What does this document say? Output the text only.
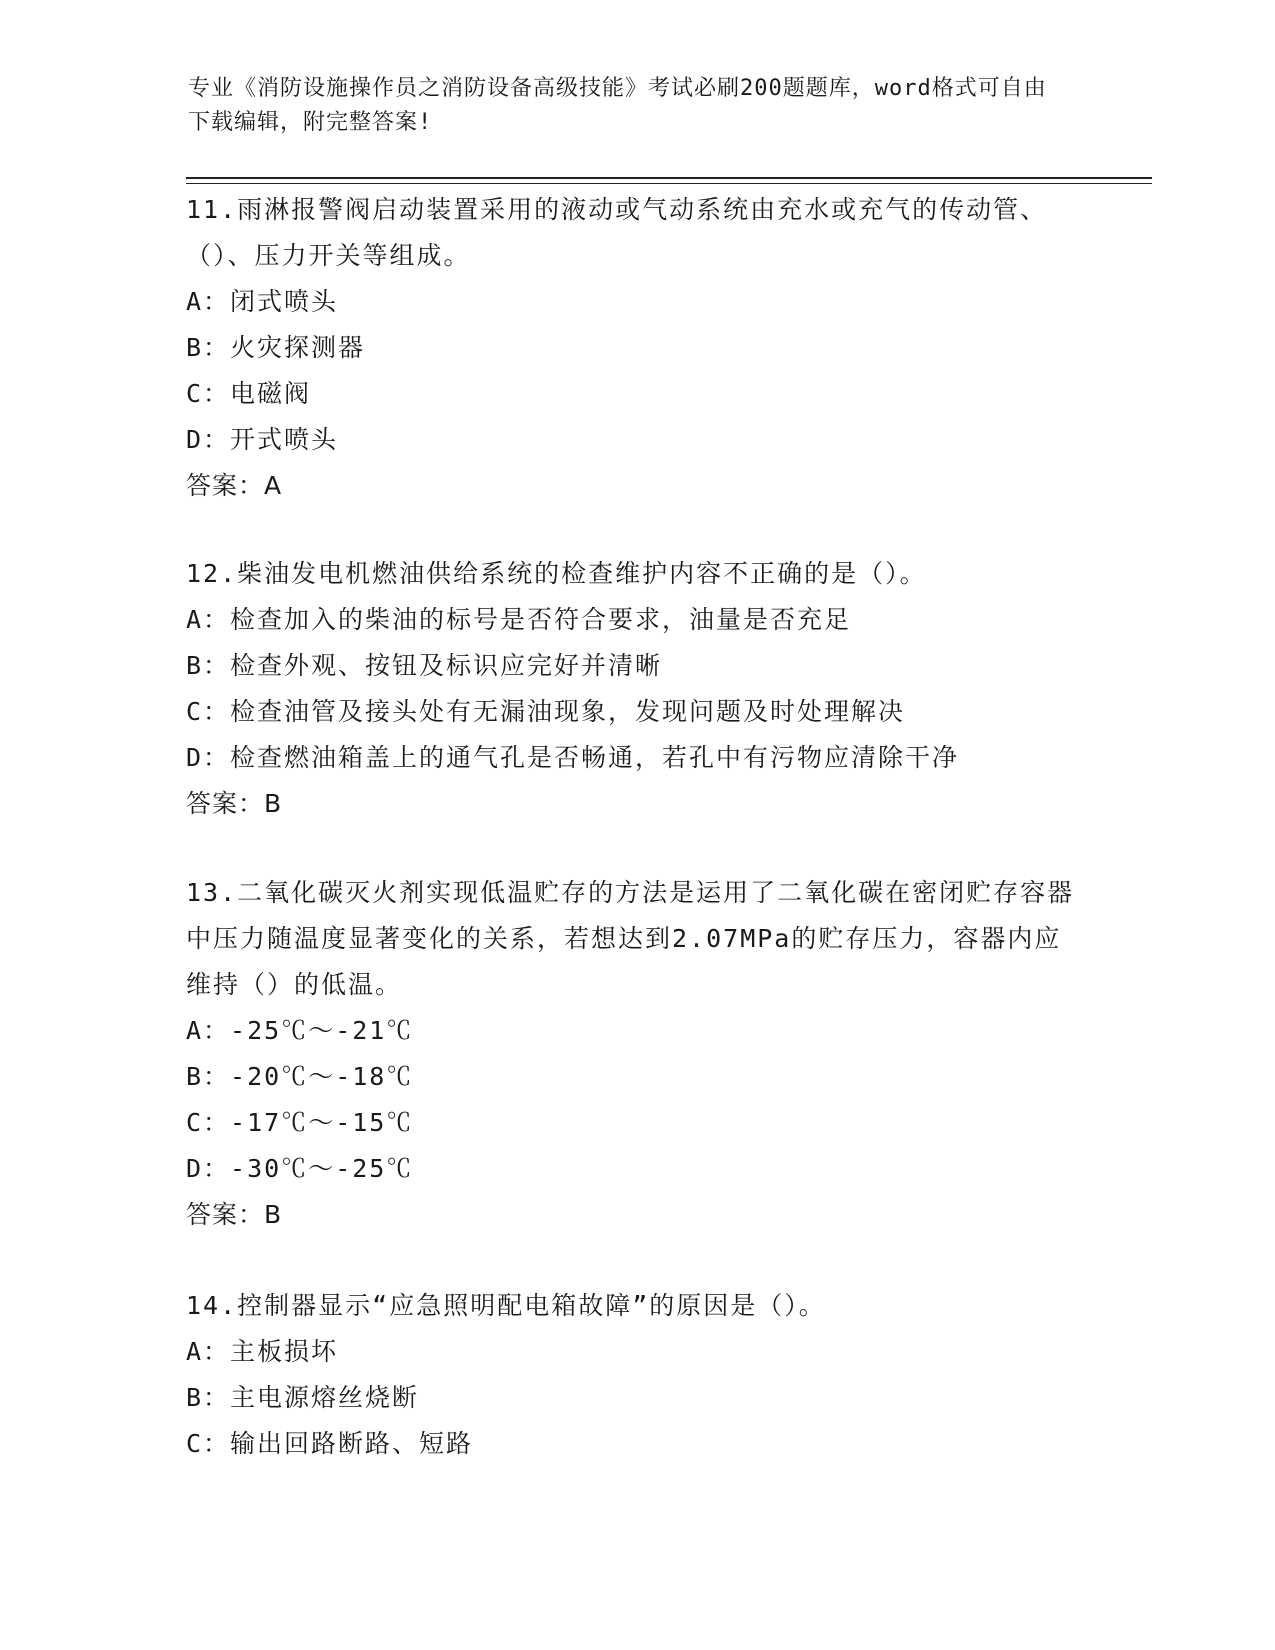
专业《消防设施操作员之消防设备高级技能》考试必刷200题题库，word格式可自由下载编辑，附完整答案!
11.雨淋报警阀启动装置采用的液动或气动系统由充水或充气的传动管、（）、压力开关等组成。
A：闭式喷头
B：火灾探测器
C：电磁阀
D：开式喷头
答案：A
12.柴油发电机燃油供给系统的检查维护内容不正确的是（）。
A：检查加入的柴油的标号是否符合要求，油量是否充足
B：检查外观、按钮及标识应完好并清晰
C：检查油管及接头处有无漏油现象，发现问题及时处理解决
D：检查燃油箱盖上的通气孔是否畅通，若孔中有污物应清除干净
答案：B
13.二氧化碳灭火剂实现低温贮存的方法是运用了二氧化碳在密闭贮存容器中压力随温度显著变化的关系，若想达到2.07MPa的贮存压力，容器内应维持（）的低温。
A：-25℃～-21℃
B：-20℃～-18℃
C：-17℃～-15℃
D：-30℃～-25℃
答案：B
14.控制器显示“应急照明配电箱故障”的原因是（）。
A：主板损坏
B：主电源熔丝烧断
C：输出回路断路、短路
